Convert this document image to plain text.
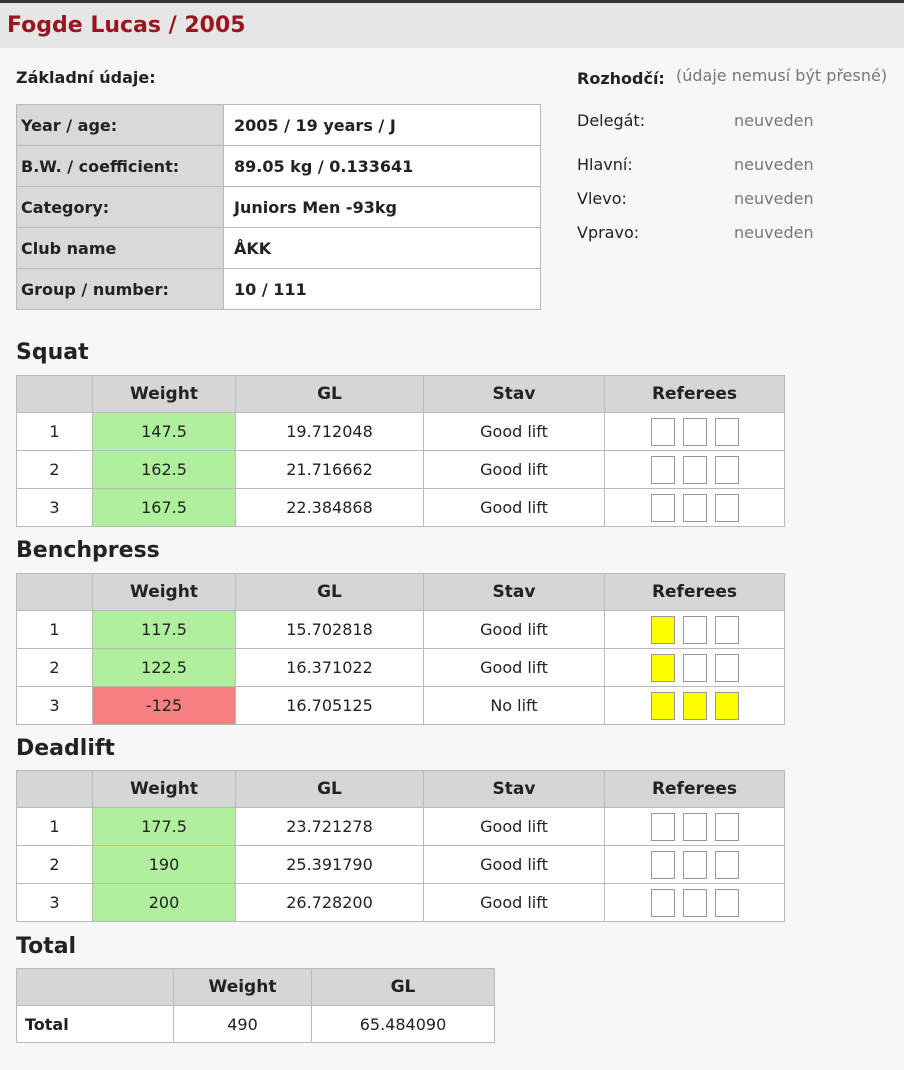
Fogde Lucas / 2005
Základní údaje:
Year / age:	2005 / 19 years / J
B.W. / coefficient:	89.05 kg / 0.133641
Category:	Juniors Men -93kg
Club name	ÅKK
Group / number:	10 / 111
Rozhodčí: (údaje nemusí být přesné)
Delegát:	neuveden
Hlavní:	neuveden
Vlevo:	neuveden
Vpravo:	neuveden
Squat
	Weight	GL	Stav	Referees
1	147.5	19.712048	Good lift	

2	162.5	21.716662	Good lift	

3	167.5	22.384868	Good lift	
Benchpress
	Weight	GL	Stav	Referees
1	117.5	15.702818	Good lift	

2	122.5	16.371022	Good lift	

3	-125	16.705125	No lift	
Deadlift
	Weight	GL	Stav	Referees
1	177.5	23.721278	Good lift	

2	190	25.391790	Good lift	

3	200	26.728200	Good lift	
Total
	Weight	GL
Total	490	65.484090
